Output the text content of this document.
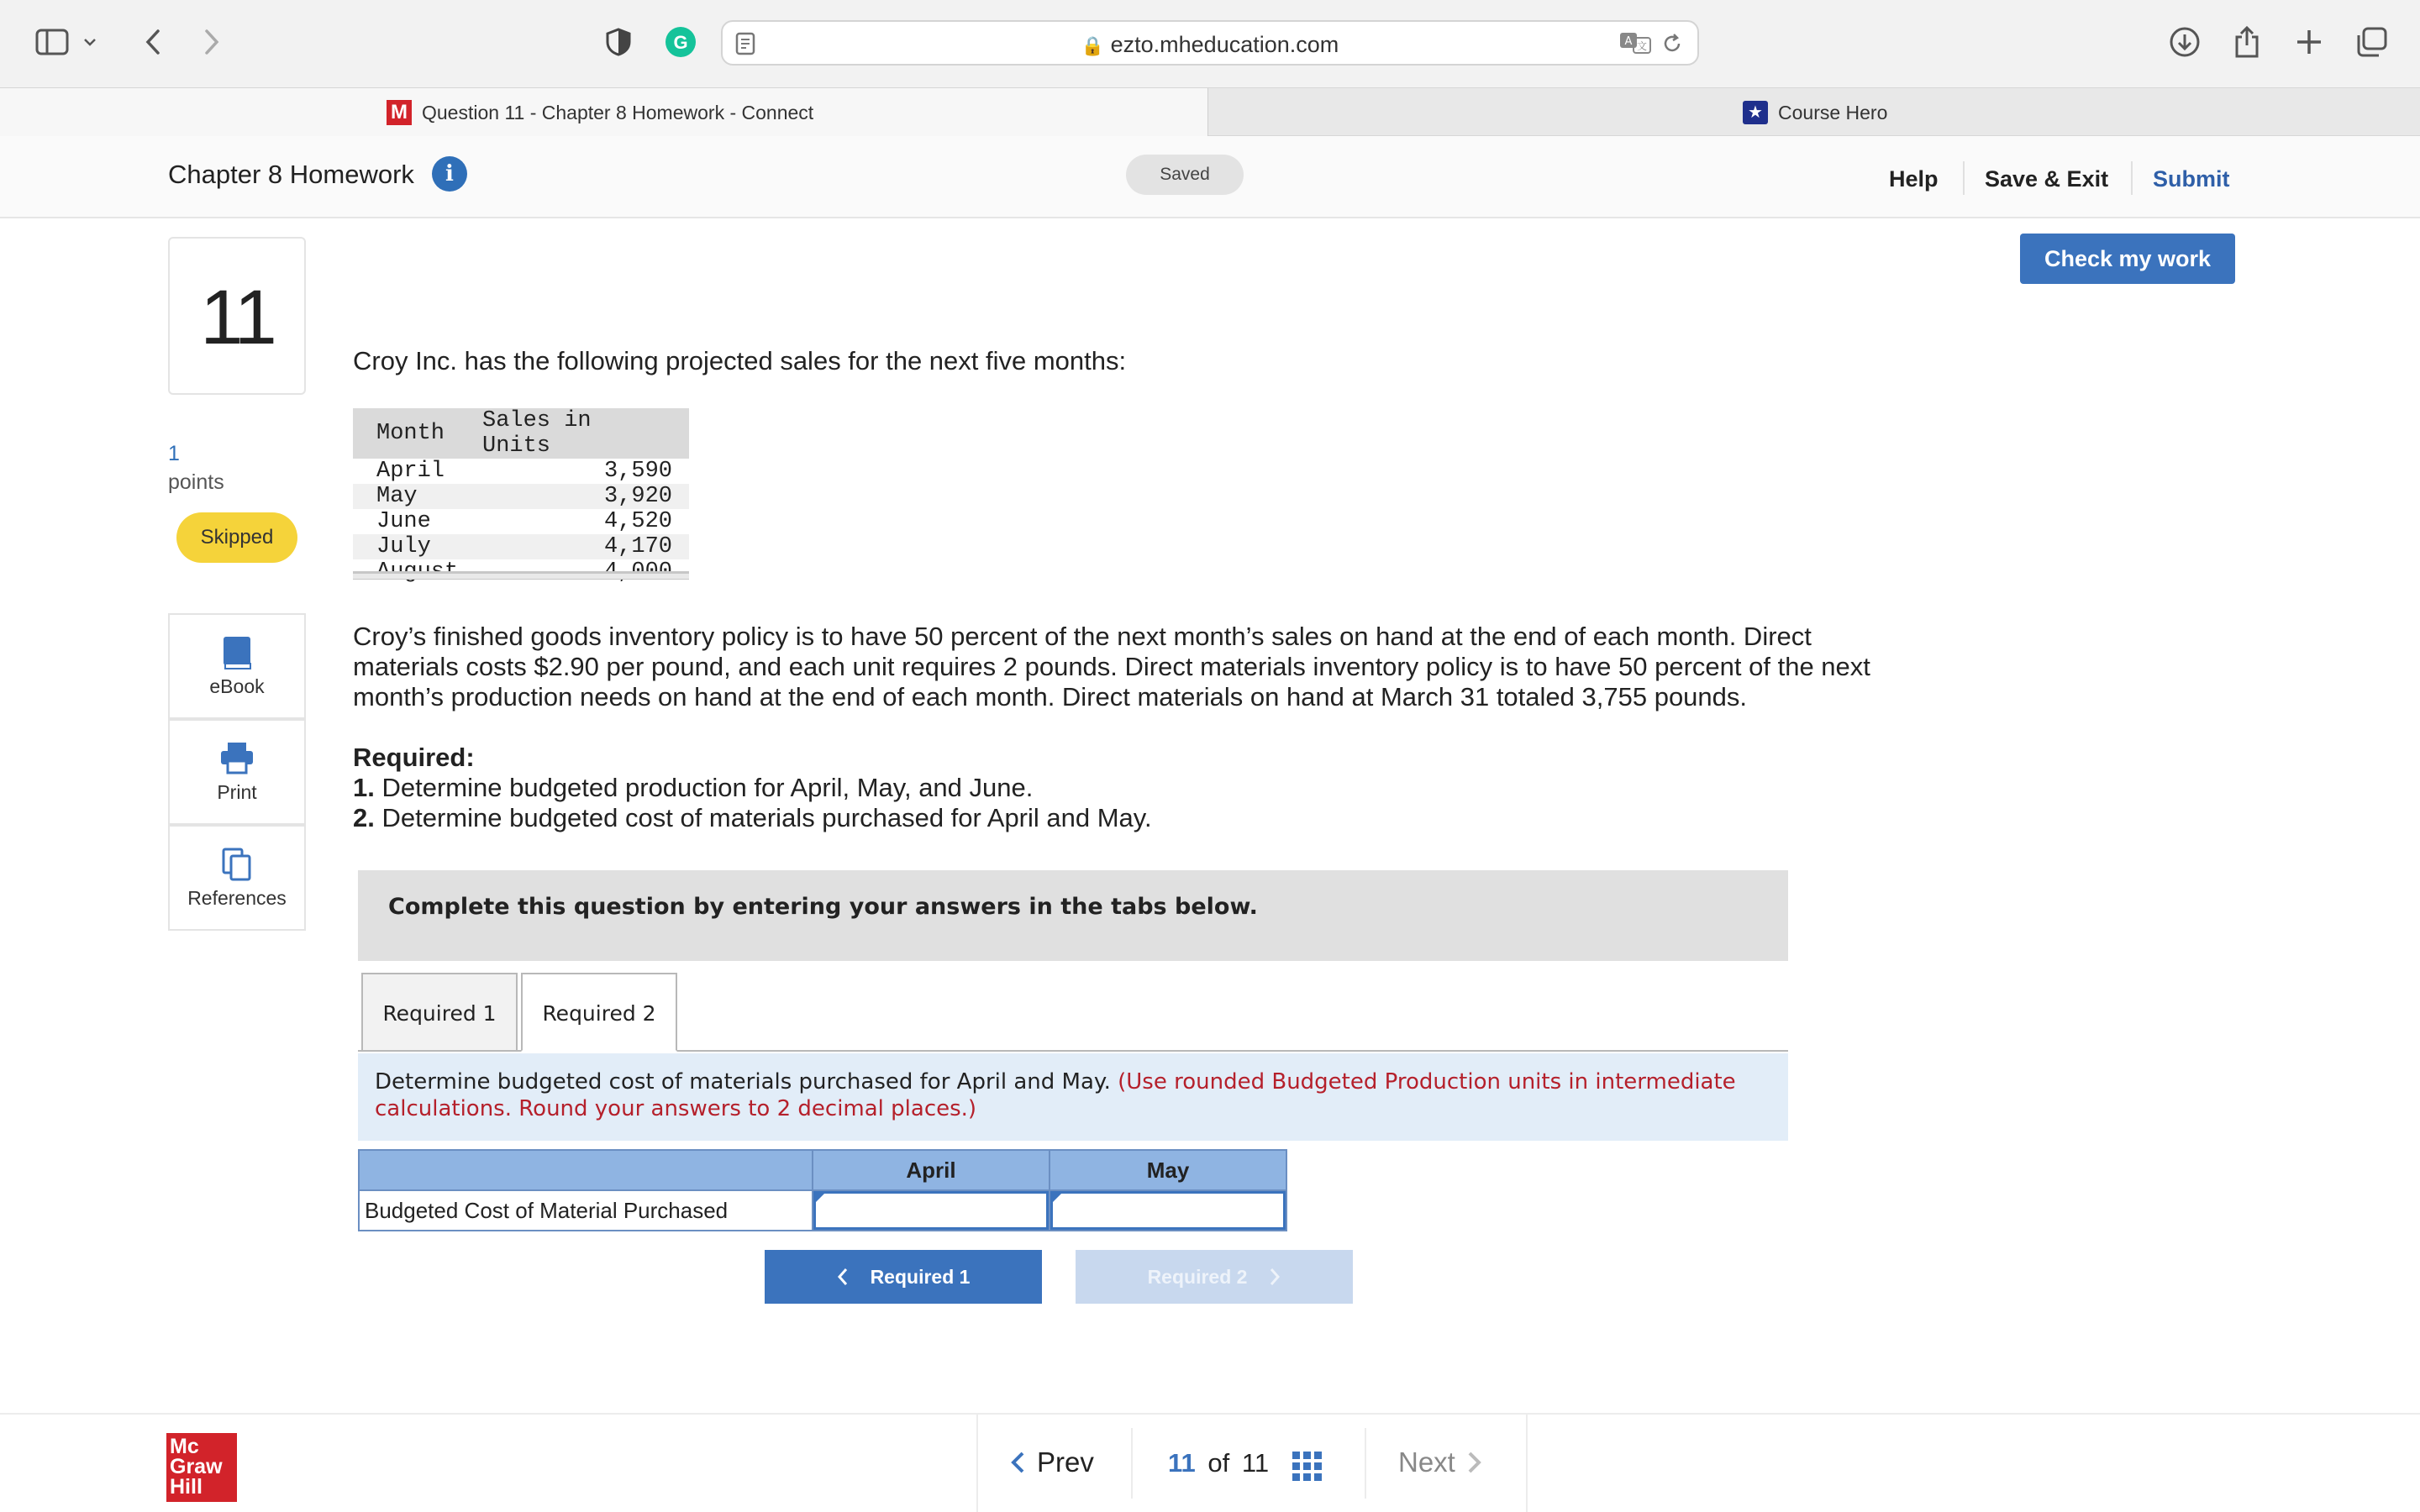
G	🔒 ezto.mheducation.com	A 文
M Question 11 - Chapter 8 Homework - Connect	★ Course Hero
Chapter 8 Homework	i	Saved	Help Save & Exit Submit
Check my work
11
1
points
Skipped
eBook
Print
References
Croy Inc. has the following projected sales for the next five months:
Month	Sales in Units
April	3,590
May	3,920
June	4,520
July	4,170

Croy’s finished goods inventory policy is to have 50 percent of the next month’s sales on hand at the end of each month. Direct
materials costs $2.90 per pound, and each unit requires 2 pounds. Direct materials inventory policy is to have 50 percent of the next
month’s production needs on hand at the end of each month. Direct materials on hand at March 31 totaled 3,755 pounds.
Required:
1. Determine budgeted production for April, May, and June.
2. Determine budgeted cost of materials purchased for April and May.
Complete this question by entering your answers in the tabs below.
Required 1	Required 2
Determine budgeted cost of materials purchased for April and May. (Use rounded Budgeted Production units in intermediate calculations. Round your answers to 2 decimal places.)
	April	May
Budgeted Cost of Material Purchased	

Required 1	Required 2
Mc
Graw
Hill
Prev	11 of 11	Next
